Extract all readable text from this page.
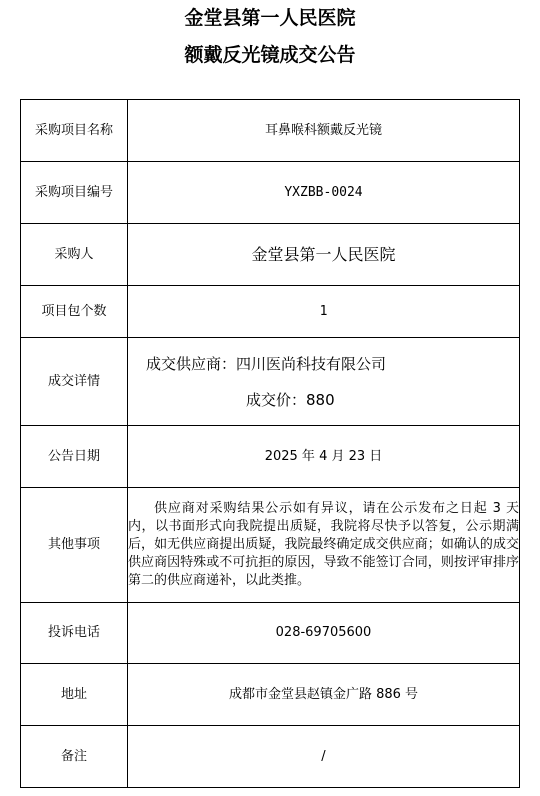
金堂县第一人民医院
额戴反光镜成交公告
采购项目名称	耳鼻喉科额戴反光镜
采购项目编号	YXZBB-0024
采购人	金堂县第一人民医院
项目包个数	1
成交详情	成交供应商：四川医尚科技有限公司
成交价：880

公告日期	2025 年 4 月 23 日
其他事项	供应商对采购结果公示如有异议，请在公示发布之日起 3 天内，以书面形式向我院提出质疑，我院将尽快予以答复，公示期满后，如无供应商提出质疑，我院最终确定成交供应商；如确认的成交供应商因特殊或不可抗拒的原因，导致不能签订合同，则按评审排序第二的供应商递补，以此类推。

投诉电话	028-69705600
地址	成都市金堂县赵镇金广路 886 号
备注	/
